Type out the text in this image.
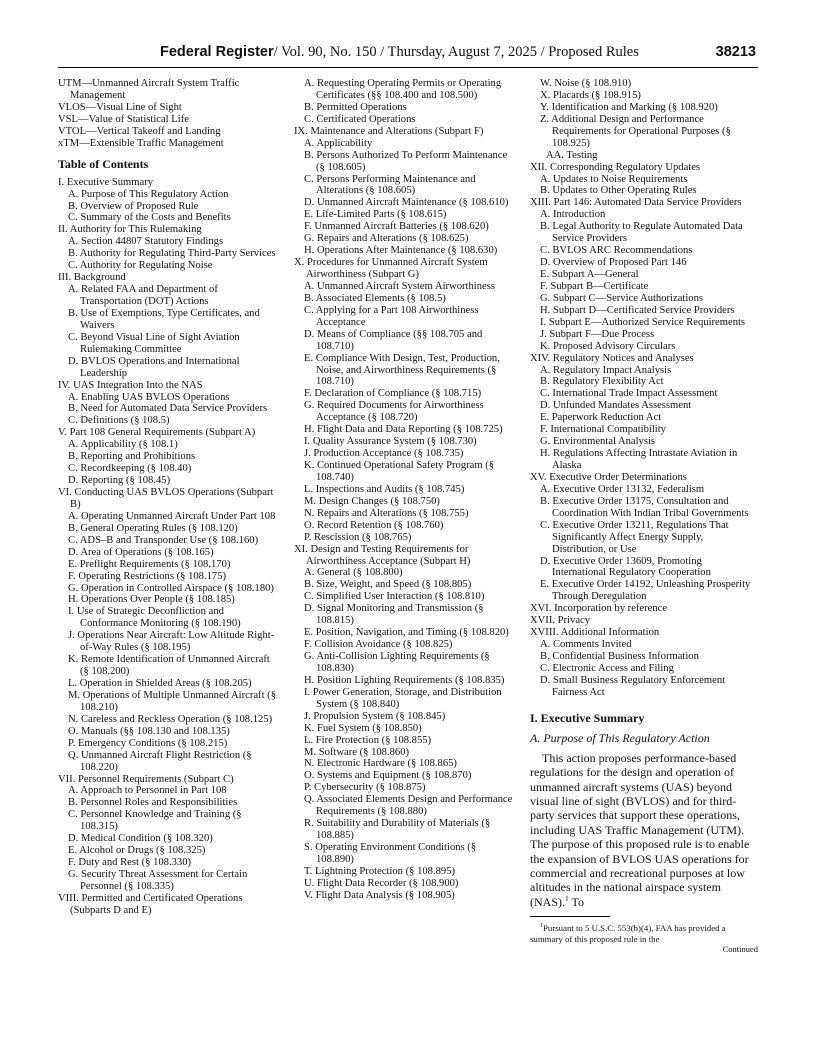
Federal Register/ Vol. 90, No. 150 / Thursday, August 7, 2025 / Proposed Rules	38213
UTM—Unmanned Aircraft System Traffic Management
VLOS—Visual Line of Sight
VSL—Value of Statistical Life
VTOL—Vertical Takeoff and Landing
xTM—Extensible Traffic Management
Table of Contents
I. Executive Summary
A. Purpose of This Regulatory Action
B. Overview of Proposed Rule
C. Summary of the Costs and Benefits
II. Authority for This Rulemaking
A. Section 44807 Statutory Findings
B. Authority for Regulating Third-Party Services
C. Authority for Regulating Noise
III. Background
A. Related FAA and Department of Transportation (DOT) Actions
B. Use of Exemptions, Type Certificates, and Waivers
C. Beyond Visual Line of Sight Aviation Rulemaking Committee
D. BVLOS Operations and International Leadership
IV. UAS Integration Into the NAS
A. Enabling UAS BVLOS Operations
B. Need for Automated Data Service Providers
C. Definitions (§ 108.5)
V. Part 108 General Requirements (Subpart A)
A. Applicability (§ 108.1)
B. Reporting and Prohibitions
C. Recordkeeping (§ 108.40)
D. Reporting (§ 108.45)
VI. Conducting UAS BVLOS Operations (Subpart B)
A. Operating Unmanned Aircraft Under Part 108
B. General Operating Rules (§ 108.120)
C. ADS–B and Transponder Use (§ 108.160)
D. Area of Operations (§ 108.165)
E. Preflight Requirements (§ 108.170)
F. Operating Restrictions (§ 108.175)
G. Operation in Controlled Airspace (§ 108.180)
H. Operations Over People (§ 108.185)
I. Use of Strategic Deconfliction and Conformance Monitoring (§ 108.190)
J. Operations Near Aircraft: Low Altitude Right-of-Way Rules (§ 108.195)
K. Remote Identification of Unmanned Aircraft (§ 108.200)
L. Operation in Shielded Areas (§ 108.205)
M. Operations of Multiple Unmanned Aircraft (§ 108.210)
N. Careless and Reckless Operation (§ 108.125)
O. Manuals (§§ 108.130 and 108.135)
P. Emergency Conditions (§ 108.215)
Q. Unmanned Aircraft Flight Restriction (§ 108.220)
VII. Personnel Requirements (Subpart C)
A. Approach to Personnel in Part 108
B. Personnel Roles and Responsibilities
C. Personnel Knowledge and Training (§ 108.315)
D. Medical Condition (§ 108.320)
E. Alcohol or Drugs (§ 108.325)
F. Duty and Rest (§ 108.330)
G. Security Threat Assessment for Certain Personnel (§ 108.335)
VIII. Permitted and Certificated Operations (Subparts D and E)
A. Requesting Operating Permits or Operating Certificates (§§ 108.400 and 108.500)
B. Permitted Operations
C. Certificated Operations
IX. Maintenance and Alterations (Subpart F)
A. Applicability
B. Persons Authorized To Perform Maintenance (§ 108.605)
C. Persons Performing Maintenance and Alterations (§ 108.605)
D. Unmanned Aircraft Maintenance (§ 108.610)
E. Life-Limited Parts (§ 108.615)
F. Unmanned Aircraft Batteries (§ 108.620)
G. Repairs and Alterations (§ 108.625)
H. Operations After Maintenance (§ 108.630)
X. Procedures for Unmanned Aircraft System Airworthiness (Subpart G)
A. Unmanned Aircraft System Airworthiness
B. Associated Elements (§ 108.5)
C. Applying for a Part 108 Airworthiness Acceptance
D. Means of Compliance (§§ 108.705 and 108.710)
E. Compliance With Design, Test, Production, Noise, and Airworthiness Requirements (§ 108.710)
F. Declaration of Compliance (§ 108.715)
G. Required Documents for Airworthiness Acceptance (§ 108.720)
H. Flight Data and Data Reporting (§ 108.725)
I. Quality Assurance System (§ 108.730)
J. Production Acceptance (§ 108.735)
K. Continued Operational Safety Program (§ 108.740)
L. Inspections and Audits (§ 108.745)
M. Design Changes (§ 108.750)
N. Repairs and Alterations (§ 108.755)
O. Record Retention (§ 108.760)
P. Rescission (§ 108.765)
XI. Design and Testing Requirements for Airworthiness Acceptance (Subpart H)
A. General (§ 108.800)
B. Size, Weight, and Speed (§ 108.805)
C. Simplified User Interaction (§ 108.810)
D. Signal Monitoring and Transmission (§ 108.815)
E. Position, Navigation, and Timing (§ 108.820)
F. Collision Avoidance (§ 108.825)
G. Anti-Collision Lighting Requirements (§ 108.830)
H. Position Lighting Requirements (§ 108.835)
I. Power Generation, Storage, and Distribution System (§ 108.840)
J. Propulsion System (§ 108.845)
K. Fuel System (§ 108.850)
L. Fire Protection (§ 108.855)
M. Software (§ 108.860)
N. Electronic Hardware (§ 108.865)
O. Systems and Equipment (§ 108.870)
P. Cybersecurity (§ 108.875)
Q. Associated Elements Design and Performance Requirements (§ 108.880)
R. Suitability and Durability of Materials (§ 108.885)
S. Operating Environment Conditions (§ 108.890)
T. Lightning Protection (§ 108.895)
U. Flight Data Recorder (§ 108.900)
V. Flight Data Analysis (§ 108.905)
W. Noise (§ 108.910)
X. Placards (§ 108.915)
Y. Identification and Marking (§ 108.920)
Z. Additional Design and Performance Requirements for Operational Purposes (§ 108.925)
AA. Testing
XII. Corresponding Regulatory Updates
A. Updates to Noise Requirements
B. Updates to Other Operating Rules
XIII. Part 146: Automated Data Service Providers
A. Introduction
B. Legal Authority to Regulate Automated Data Service Providers
C. BVLOS ARC Recommendations
D. Overview of Proposed Part 146
E. Subpart A—General
F. Subpart B—Certificate
G. Subpart C—Service Authorizations
H. Subpart D—Certificated Service Providers
I. Subpart E—Authorized Service Requirements
J. Subpart F—Due Process
K. Proposed Advisory Circulars
XIV. Regulatory Notices and Analyses
A. Regulatory Impact Analysis
B. Regulatory Flexibility Act
C. International Trade Impact Assessment
D. Unfunded Mandates Assessment
E. Paperwork Reduction Act
F. International Compatibility
G. Environmental Analysis
H. Regulations Affecting Intrastate Aviation in Alaska
XV. Executive Order Determinations
A. Executive Order 13132, Federalism
B. Executive Order 13175, Consultation and Coordination With Indian Tribal Governments
C. Executive Order 13211, Regulations That Significantly Affect Energy Supply, Distribution, or Use
D. Executive Order 13609, Promoting International Regulatory Cooperation
E. Executive Order 14192, Unleashing Prosperity Through Deregulation
XVI. Incorporation by reference
XVII. Privacy
XVIII. Additional Information
A. Comments Invited
B. Confidential Business Information
C. Electronic Access and Filing
D. Small Business Regulatory Enforcement Fairness Act
I. Executive Summary
A. Purpose of This Regulatory Action

This action proposes performance-based regulations for the design and operation of unmanned aircraft systems (UAS) beyond visual line of sight (BVLOS) and for third-party services that support these operations, including UAS Traffic Management (UTM). The purpose of this proposed rule is to enable the expansion of BVLOS UAS operations for commercial and recreational purposes at low altitudes in the national airspace system (NAS).$^1$ To

$^1$Pursuant to 5 U.S.C. 553(b)(4), FAA has provided a summary of this proposed rule in the

Continued
